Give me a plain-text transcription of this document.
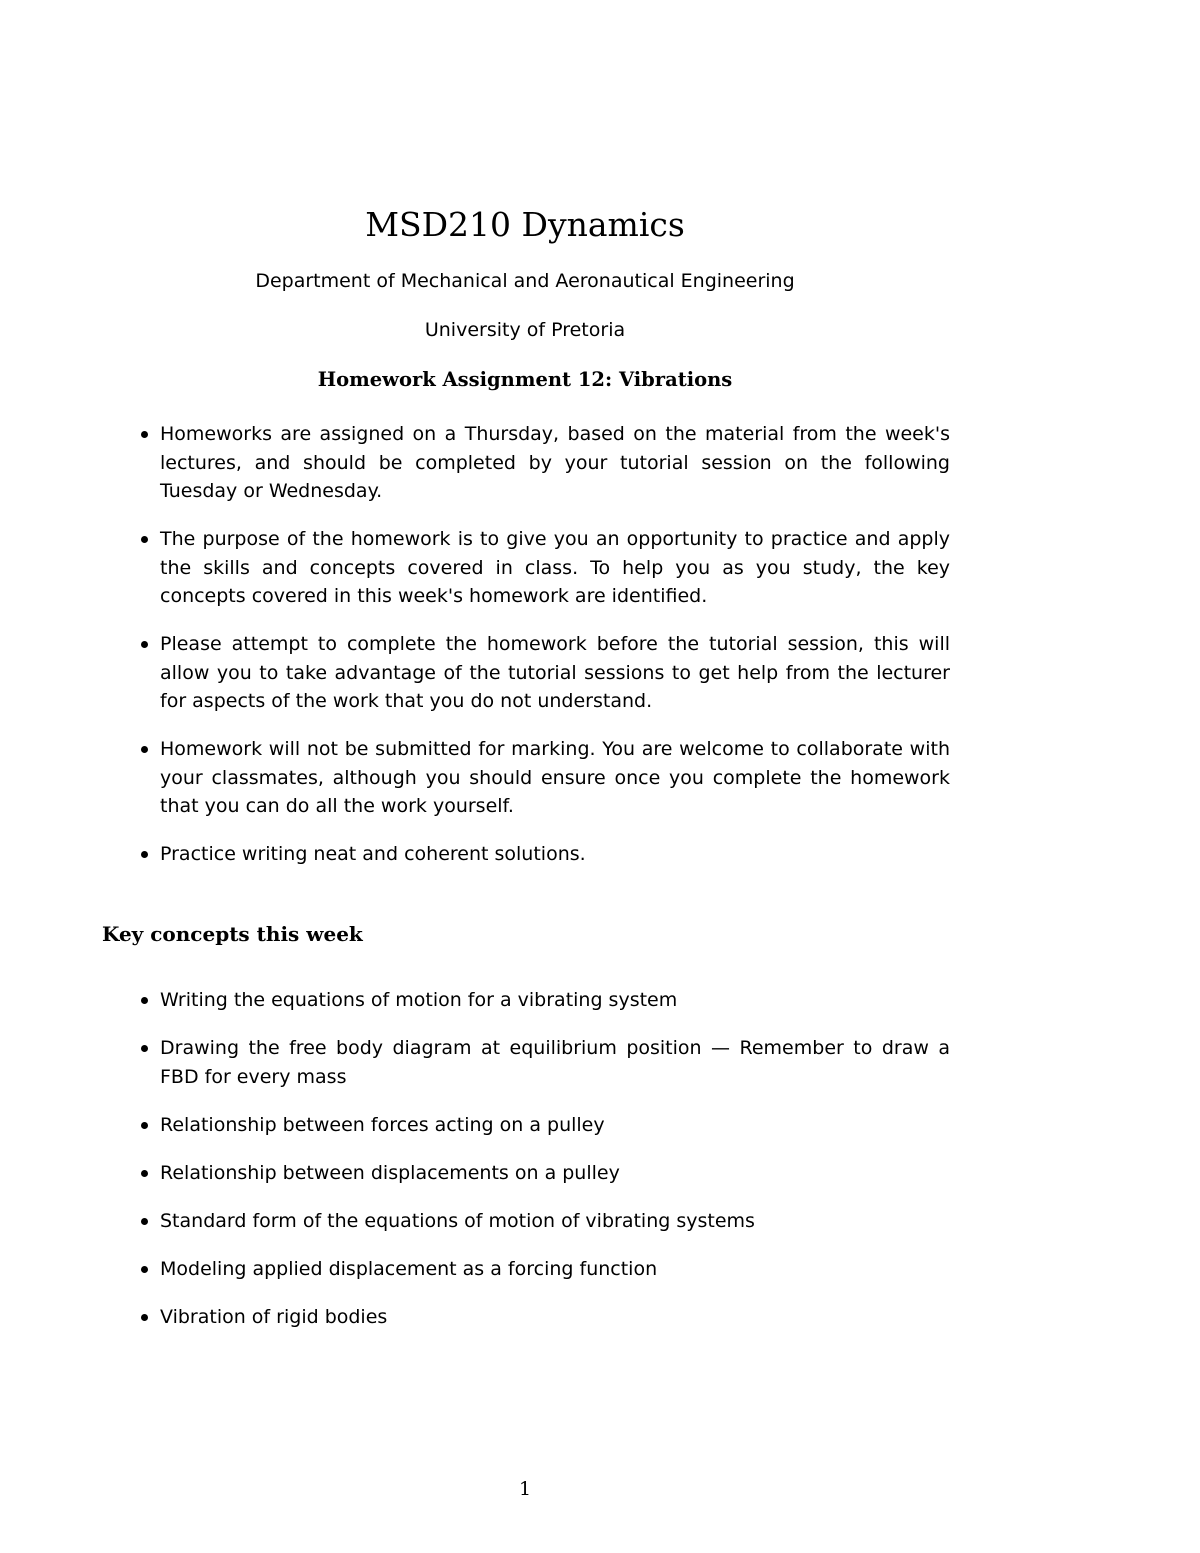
MSD210 Dynamics

Department of Mechanical and Aeronautical Engineering

University of Pretoria

Homework Assignment 12: Vibrations
Homeworks are assigned on a Thursday, based on the material from the week's lectures, and should be completed by your tutorial session on the following Tuesday or Wednesday.
The purpose of the homework is to give you an opportunity to practice and apply the skills and concepts covered in class. To help you as you study, the key concepts covered in this week's homework are identified.
Please attempt to complete the homework before the tutorial session, this will allow you to take advantage of the tutorial sessions to get help from the lecturer for aspects of the work that you do not understand.
Homework will not be submitted for marking. You are welcome to collaborate with your classmates, although you should ensure once you complete the homework that you can do all the work yourself.
Practice writing neat and coherent solutions.
Key concepts this week
Writing the equations of motion for a vibrating system
Drawing the free body diagram at equilibrium position — Remember to draw a FBD for every mass
Relationship between forces acting on a pulley
Relationship between displacements on a pulley
Standard form of the equations of motion of vibrating systems
Modeling applied displacement as a forcing function
Vibration of rigid bodies
1
